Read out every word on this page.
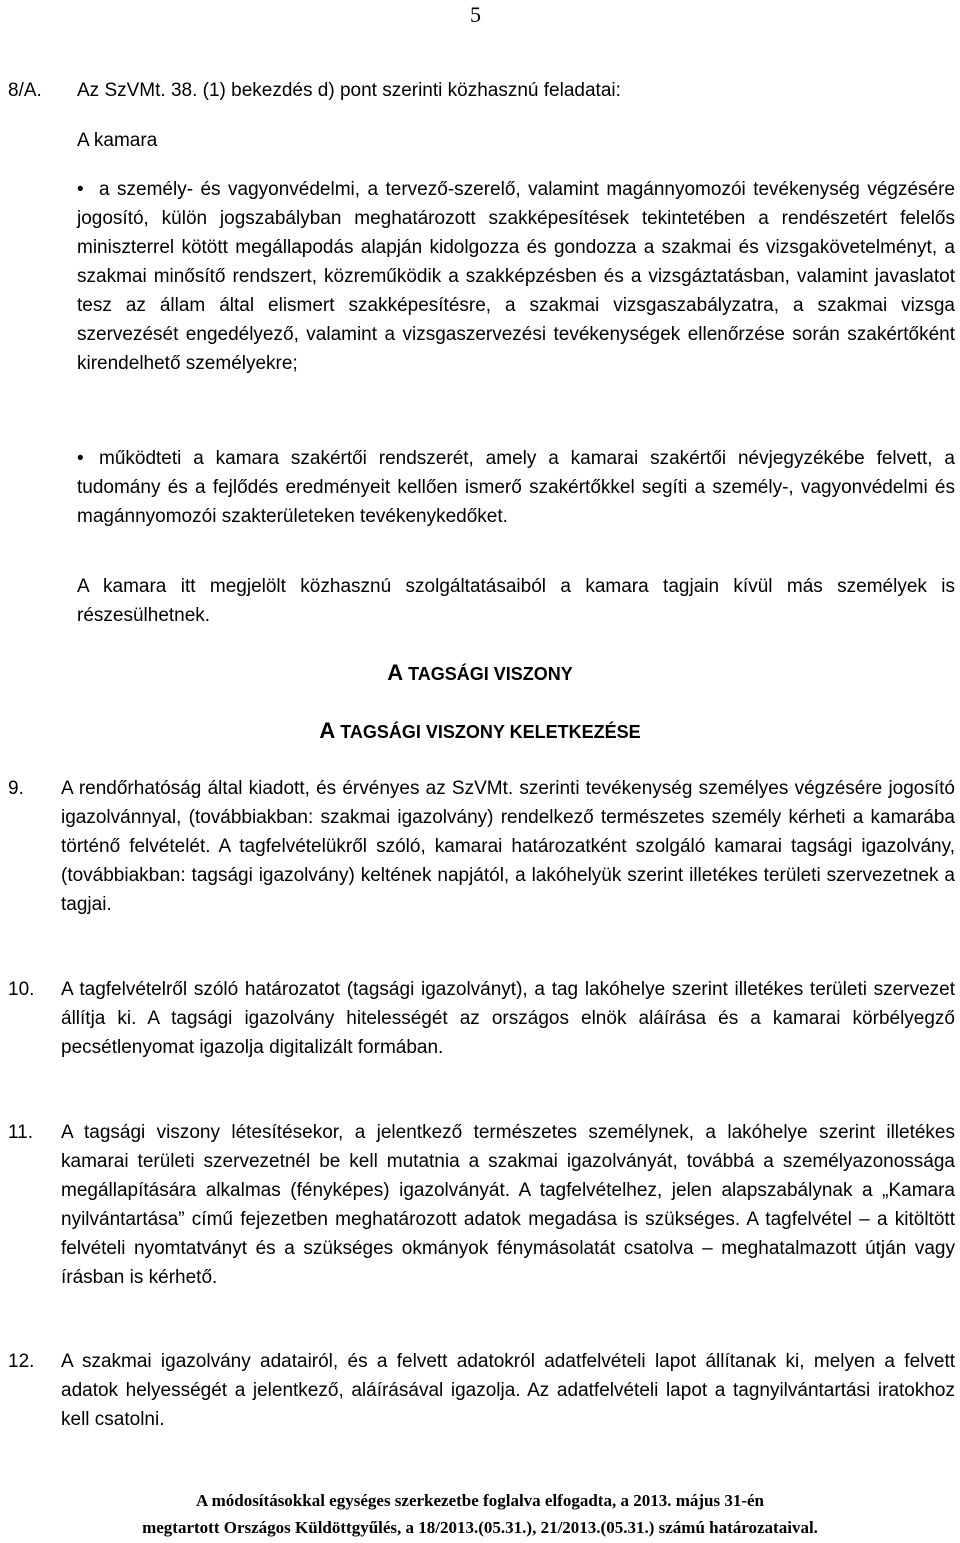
5
8/A. Az SzVMt. 38. (1) bekezdés d) pont szerinti közhasznú feladatai:
A kamara
• a személy- és vagyonvédelmi, a tervező-szerelő, valamint magánnyomozói tevékenység végzésére jogosító, külön jogszabályban meghatározott szakképesítések tekintetében a rendészetért felelős miniszterrel kötött megállapodás alapján kidolgozza és gondozza a szakmai és vizsgakövetelményt, a szakmai minősítő rendszert, közreműködik a szakképzésben és a vizsgáztatásban, valamint javaslatot tesz az állam által elismert szakképesítésre, a szakmai vizsgaszabályzatra, a szakmai vizsga szervezését engedélyező, valamint a vizsgaszervezési tevékenységek ellenőrzése során szakértőként kirendelhető személyekre;
• működteti a kamara szakértői rendszerét, amely a kamarai szakértői névjegyzékébe felvett, a tudomány és a fejlődés eredményeit kellően ismerő szakértőkkel segíti a személy-, vagyonvédelmi és magánnyomozói szakterületeken tevékenykedőket.
A kamara itt megjelölt közhasznú szolgáltatásaiból a kamara tagjain kívül más személyek is részesülhetnek.
A TAGSÁGI VISZONY
A TAGSÁGI VISZONY KELETKEZÉSE
9. A rendőrhatóság által kiadott, és érvényes az SzVMt. szerinti tevékenység személyes végzésére jogosító igazolvánnyal, (továbbiakban: szakmai igazolvány) rendelkező természetes személy kérheti a kamarába történő felvételét. A tagfelvételükről szóló, kamarai határozatként szolgáló kamarai tagsági igazolvány, (továbbiakban: tagsági igazolvány) keltének napjától, a lakóhelyük szerint illetékes területi szervezetnek a tagjai.
10. A tagfelvételről szóló határozatot (tagsági igazolványt), a tag lakóhelye szerint illetékes területi szervezet állítja ki. A tagsági igazolvány hitelességét az országos elnök aláírása és a kamarai körbélyegző pecsétlenyomat igazolja digitalizált formában.
11. A tagsági viszony létesítésekor, a jelentkező természetes személynek, a lakóhelye szerint illetékes kamarai területi szervezetnél be kell mutatnia a szakmai igazolványát, továbbá a személyazonossága megállapítására alkalmas (fényképes) igazolványát. A tagfelvételhez, jelen alapszabálynak a „Kamara nyilvántartása” című fejezetben meghatározott adatok megadása is szükséges. A tagfelvétel – a kitöltött felvételi nyomtatványt és a szükséges okmányok fénymásolatát csatolva – meghatalmazott útján vagy írásban is kérhető.
12. A szakmai igazolvány adatairól, és a felvett adatokról adatfelvételi lapot állítanak ki, melyen a felvett adatok helyességét a jelentkező, aláírásával igazolja. Az adatfelvételi lapot a tagnyilvántartási iratokhoz kell csatolni.
A módosításokkal egységes szerkezetbe foglalva elfogadta, a 2013. május 31-én
megtartott Országos Küldöttgyűlés, a 18/2013.(05.31.), 21/2013.(05.31.) számú határozataival.
